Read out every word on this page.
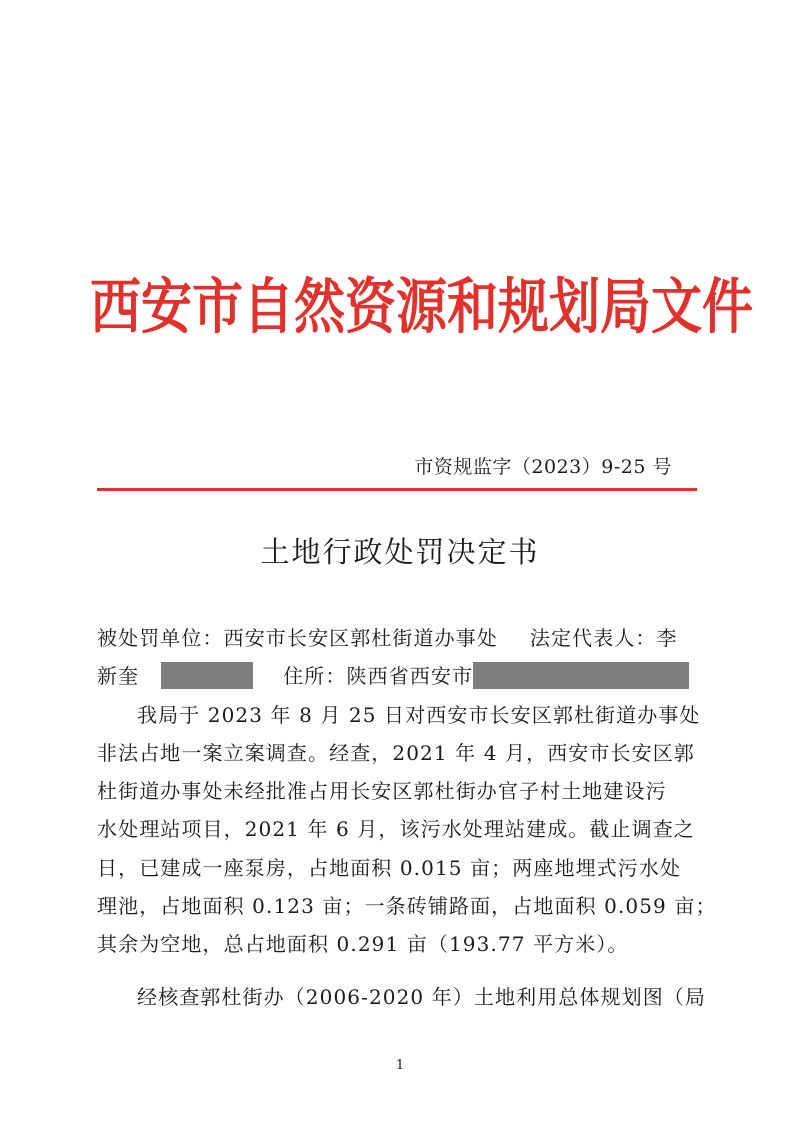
西安市自然资源和规划局文件
市资规监字（2023）9-25 号
土地行政处罚决定书
被处罚单位：西安市长安区郭杜街道办事处 法定代表人：李
新奎	住所：陕西省西安市
我局于 2023 年 8 月 25 日对西安市长安区郭杜街道办事处
非法占地一案立案调查。经查，2021 年 4 月，西安市长安区郭
杜街道办事处未经批准占用长安区郭杜街办官子村土地建设污
水处理站项目，2021 年 6 月，该污水处理站建成。截止调查之
日，已建成一座泵房，占地面积 0.015 亩；两座地埋式污水处
理池，占地面积 0.123 亩；一条砖铺路面，占地面积 0.059 亩；
其余为空地，总占地面积 0.291 亩（193.77 平方米）。
经核查郭杜街办（2006-2020 年）土地利用总体规划图（局
1
